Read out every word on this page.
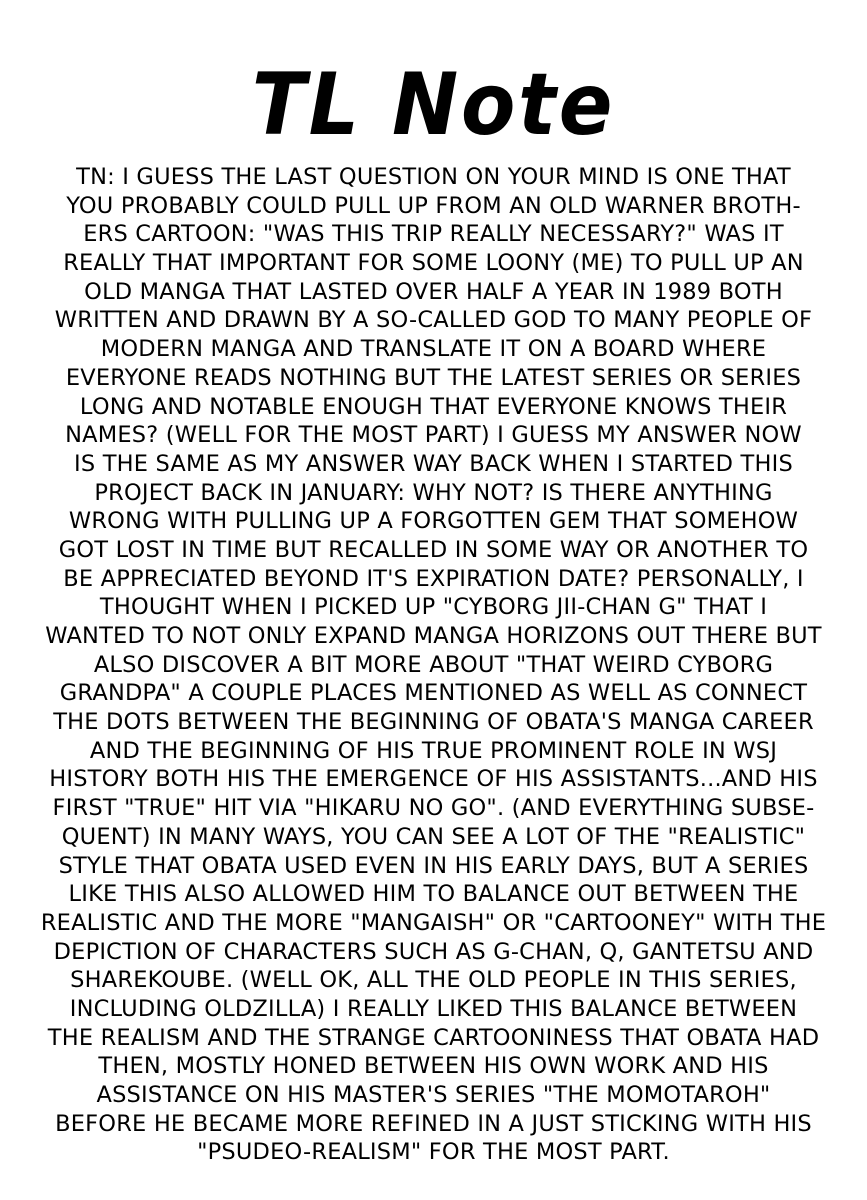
TL Note
TN: I GUESS THE LAST QUESTION ON YOUR MIND IS ONE THAT
YOU PROBABLY COULD PULL UP FROM AN OLD WARNER BROTH-
ERS CARTOON: "WAS THIS TRIP REALLY NECESSARY?" WAS IT
REALLY THAT IMPORTANT FOR SOME LOONY (ME) TO PULL UP AN
OLD MANGA THAT LASTED OVER HALF A YEAR IN 1989 BOTH
WRITTEN AND DRAWN BY A SO-CALLED GOD TO MANY PEOPLE OF
MODERN MANGA AND TRANSLATE IT ON A BOARD WHERE
EVERYONE READS NOTHING BUT THE LATEST SERIES OR SERIES
LONG AND NOTABLE ENOUGH THAT EVERYONE KNOWS THEIR
NAMES? (WELL FOR THE MOST PART) I GUESS MY ANSWER NOW
IS THE SAME AS MY ANSWER WAY BACK WHEN I STARTED THIS
PROJECT BACK IN JANUARY: WHY NOT? IS THERE ANYTHING
WRONG WITH PULLING UP A FORGOTTEN GEM THAT SOMEHOW
GOT LOST IN TIME BUT RECALLED IN SOME WAY OR ANOTHER TO
BE APPRECIATED BEYOND IT'S EXPIRATION DATE? PERSONALLY, I
THOUGHT WHEN I PICKED UP "CYBORG JII-CHAN G" THAT I
WANTED TO NOT ONLY EXPAND MANGA HORIZONS OUT THERE BUT
ALSO DISCOVER A BIT MORE ABOUT "THAT WEIRD CYBORG
GRANDPA" A COUPLE PLACES MENTIONED AS WELL AS CONNECT
THE DOTS BETWEEN THE BEGINNING OF OBATA'S MANGA CAREER
AND THE BEGINNING OF HIS TRUE PROMINENT ROLE IN WSJ
HISTORY BOTH HIS THE EMERGENCE OF HIS ASSISTANTS...AND HIS
FIRST "TRUE" HIT VIA "HIKARU NO GO". (AND EVERYTHING SUBSE-
QUENT) IN MANY WAYS, YOU CAN SEE A LOT OF THE "REALISTIC"
STYLE THAT OBATA USED EVEN IN HIS EARLY DAYS, BUT A SERIES
LIKE THIS ALSO ALLOWED HIM TO BALANCE OUT BETWEEN THE
REALISTIC AND THE MORE "MANGAISH" OR "CARTOONEY" WITH THE
DEPICTION OF CHARACTERS SUCH AS G-CHAN, Q, GANTETSU AND
SHAREKOUBE. (WELL OK, ALL THE OLD PEOPLE IN THIS SERIES,
INCLUDING OLDZILLA) I REALLY LIKED THIS BALANCE BETWEEN
THE REALISM AND THE STRANGE CARTOONINESS THAT OBATA HAD
THEN, MOSTLY HONED BETWEEN HIS OWN WORK AND HIS
ASSISTANCE ON HIS MASTER'S SERIES "THE MOMOTAROH"
BEFORE HE BECAME MORE REFINED IN A JUST STICKING WITH HIS
"PSUDEO-REALISM" FOR THE MOST PART.
